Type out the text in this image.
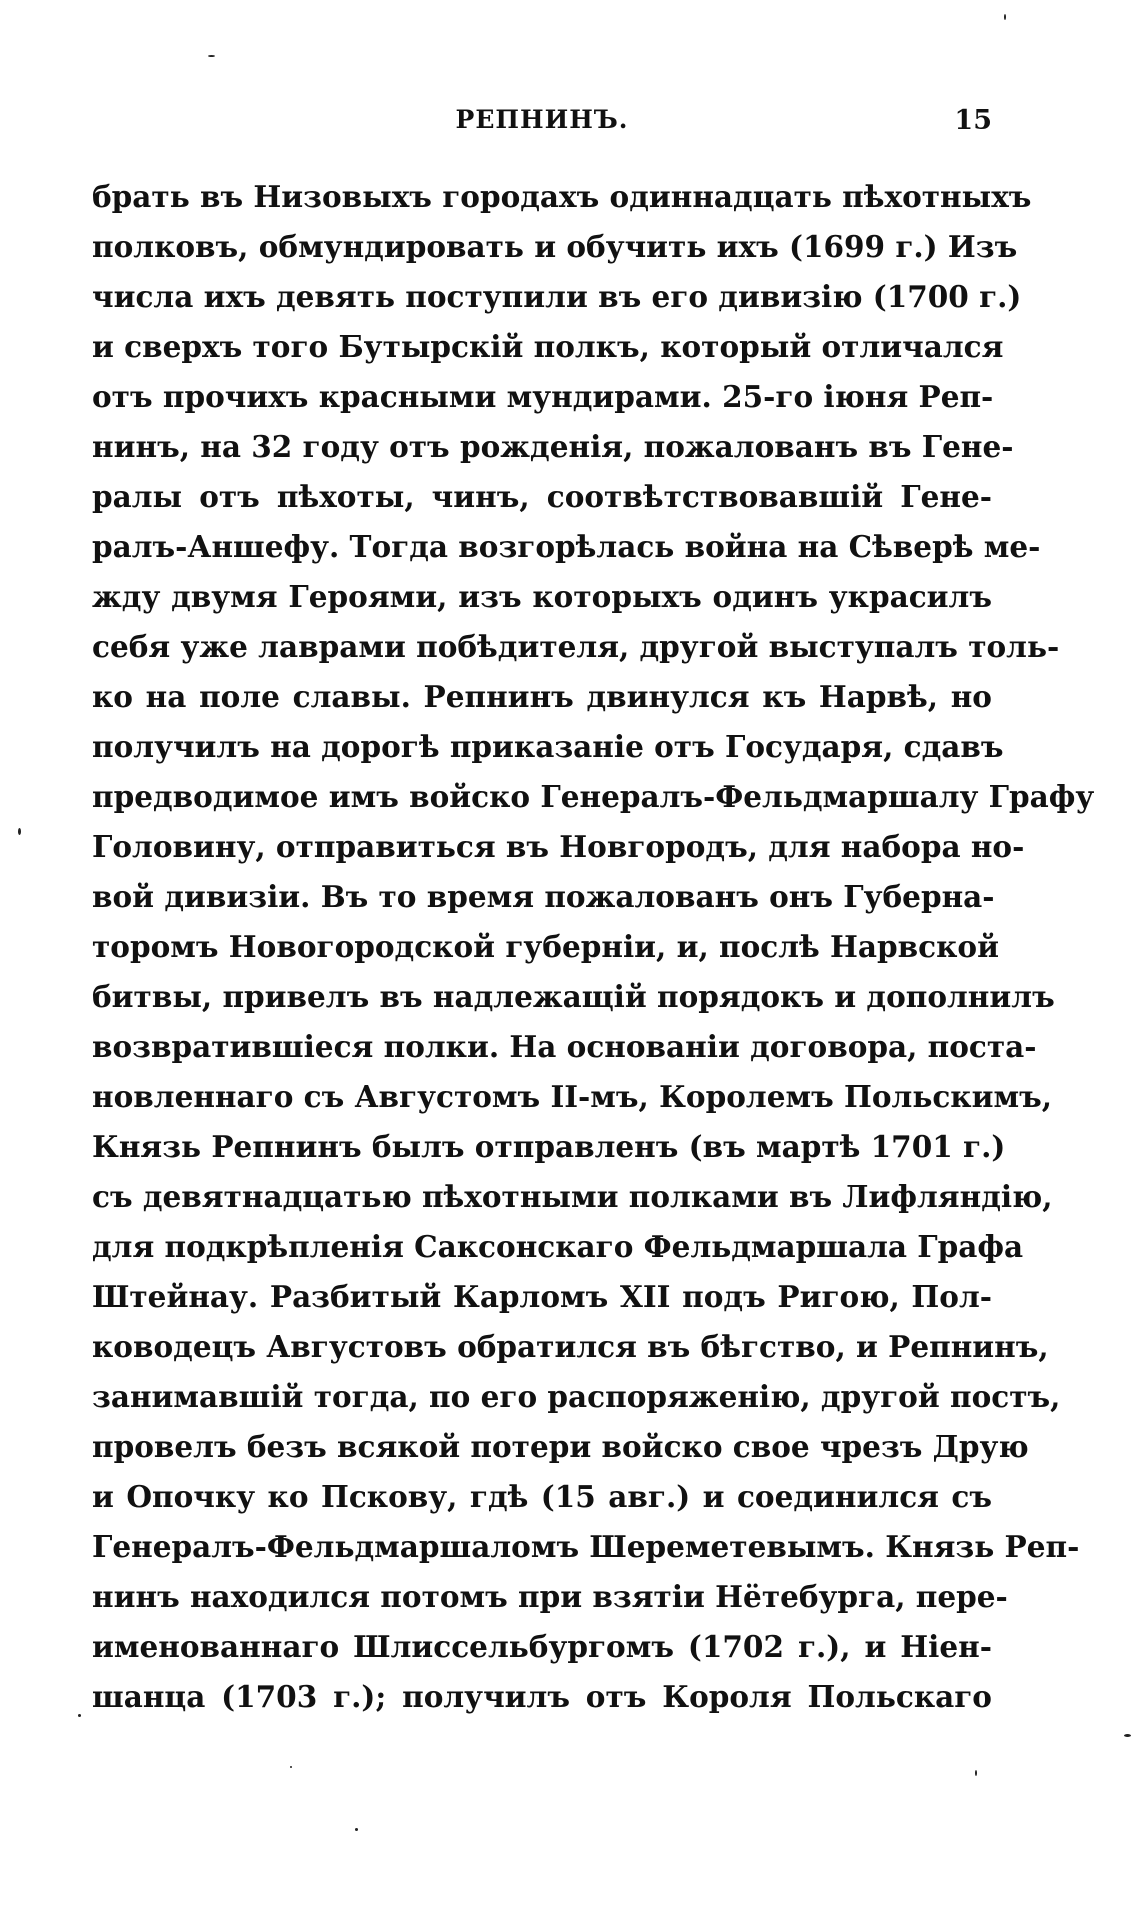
РЕПНИНЪ.	15
брать въ Низовыхъ городахъ одиннадцать пѣхотныхъ
полковъ, обмундировать и обучить ихъ (1699 г.) Изъ
числа ихъ девять поступили въ его дивизію (1700 г.)
и сверхъ того Бутырскій полкъ, который отличался
отъ прочихъ красными мундирами. 25-го іюня Реп-
нинъ, на 32 году отъ рожденія, пожалованъ въ Гене-
ралы отъ пѣхоты, чинъ, соотвѣтствовавшій Гене-
ралъ-Аншефу. Тогда возгорѣлась война на Сѣверѣ ме-
жду двумя Героями, изъ которыхъ одинъ украсилъ
себя уже лаврами побѣдителя, другой выступалъ толь-
ко на поле славы. Репнинъ двинулся къ Нарвѣ, но
получилъ на дорогѣ приказаніе отъ Государя, сдавъ
предводимое имъ войско Генералъ-Фельдмаршалу Графу
Головину, отправиться въ Новгородъ, для набора но-
вой дивизіи. Въ то время пожалованъ онъ Губерна-
торомъ Новогородской губерніи, и, послѣ Нарвской
битвы, привелъ въ надлежащій порядокъ и дополнилъ
возвратившіеся полки. На основаніи договора, поста-
новленнаго съ Августомъ II-мъ, Королемъ Польскимъ,
Князь Репнинъ былъ отправленъ (въ мартѣ 1701 г.)
съ девятнадцатью пѣхотными полками въ Лифляндію,
для подкрѣпленія Саксонскаго Фельдмаршала Графа
Штейнау. Разбитый Карломъ XII подъ Ригою, Пол-
ководецъ Августовъ обратился въ бѣгство, и Репнинъ,
занимавшій тогда, по его распоряженію, другой постъ,
провелъ безъ всякой потери войско свое чрезъ Друю
и Опочку ко Пскову, гдѣ (15 авг.) и соединился съ
Генералъ-Фельдмаршаломъ Шереметевымъ. Князь Реп-
нинъ находился потомъ при взятіи Нётебурга, пере-
именованнаго Шлиссельбургомъ (1702 г.), и Ніен-
шанца (1703 г.); получилъ отъ Короля Польскаго
